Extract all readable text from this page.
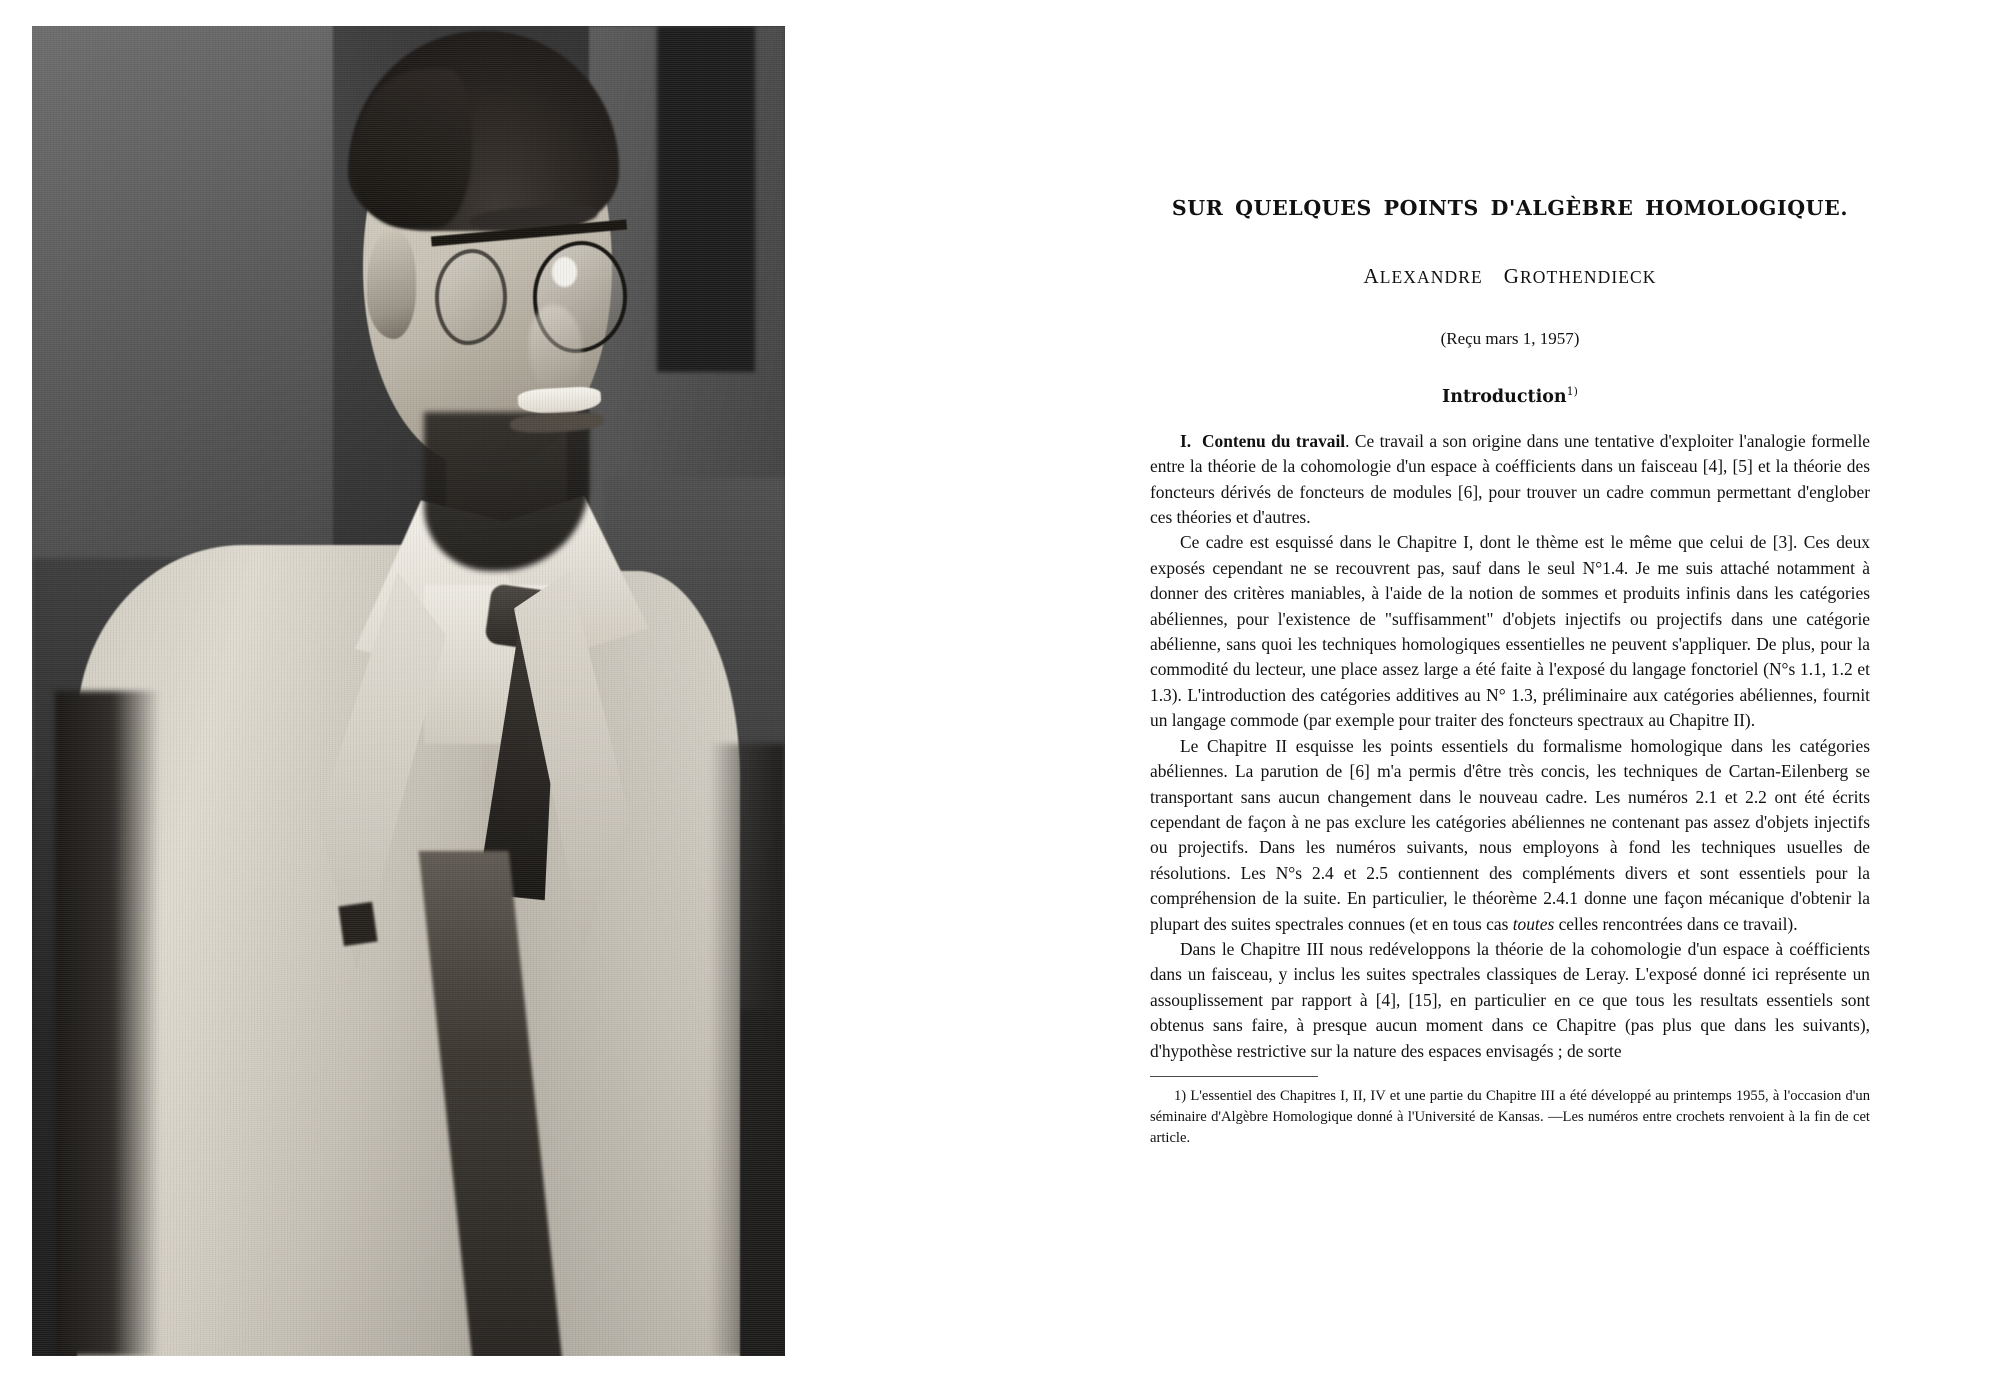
SUR QUELQUES POINTS D'ALGÈBRE HOMOLOGIQUE.
ALEXANDRE GROTHENDIECK
(Reçu mars 1, 1957)
Introduction$^{1)}$

I. Contenu du travail. Ce travail a son origine dans une tentative d'exploiter l'analogie formelle entre la théorie de la cohomologie d'un espace à coéfficients dans un faisceau [4], [5] et la théorie des foncteurs dérivés de foncteurs de modules [6], pour trouver un cadre commun permettant d'englober ces théories et d'autres.

Ce cadre est esquissé dans le Chapitre I, dont le thème est le même que celui de [3]. Ces deux exposés cependant ne se recouvrent pas, sauf dans le seul N°1.4. Je me suis attaché notamment à donner des critères maniables, à l'aide de la notion de sommes et produits infinis dans les catégories abéliennes, pour l'existence de "suffisamment" d'objets injectifs ou projectifs dans une catégorie abélienne, sans quoi les techniques homologiques essentielles ne peuvent s'appliquer. De plus, pour la commodité du lecteur, une place assez large a été faite à l'exposé du langage fonctoriel (N°s 1.1, 1.2 et 1.3). L'introduction des catégories additives au N° 1.3, préliminaire aux catégories abéliennes, fournit un langage commode (par exemple pour traiter des foncteurs spectraux au Chapitre II).

Le Chapitre II esquisse les points essentiels du formalisme homologique dans les catégories abéliennes. La parution de [6] m'a permis d'être très concis, les techniques de Cartan-Eilenberg se transportant sans aucun changement dans le nouveau cadre. Les numéros 2.1 et 2.2 ont été écrits cependant de façon à ne pas exclure les catégories abéliennes ne contenant pas assez d'objets injectifs ou projectifs. Dans les numéros suivants, nous employons à fond les techniques usuelles de résolutions. Les N°s 2.4 et 2.5 contiennent des compléments divers et sont essentiels pour la compréhension de la suite. En particulier, le théorème 2.4.1 donne une façon mécanique d'obtenir la plupart des suites spectrales connues (et en tous cas toutes celles rencontrées dans ce travail).

Dans le Chapitre III nous redéveloppons la théorie de la cohomologie d'un espace à coéfficients dans un faisceau, y inclus les suites spectrales classiques de Leray. L'exposé donné ici représente un assouplissement par rapport à [4], [15], en particulier en ce que tous les resultats essentiels sont obtenus sans faire, à presque aucun moment dans ce Chapitre (pas plus que dans les suivants), d'hypothèse restrictive sur la nature des espaces envisagés ; de sorte

1) L'essentiel des Chapitres I, II, IV et une partie du Chapitre III a été développé au printemps 1955, à l'occasion d'un séminaire d'Algèbre Homologique donné à l'Université de Kansas. —Les numéros entre crochets renvoient à la fin de cet article.
